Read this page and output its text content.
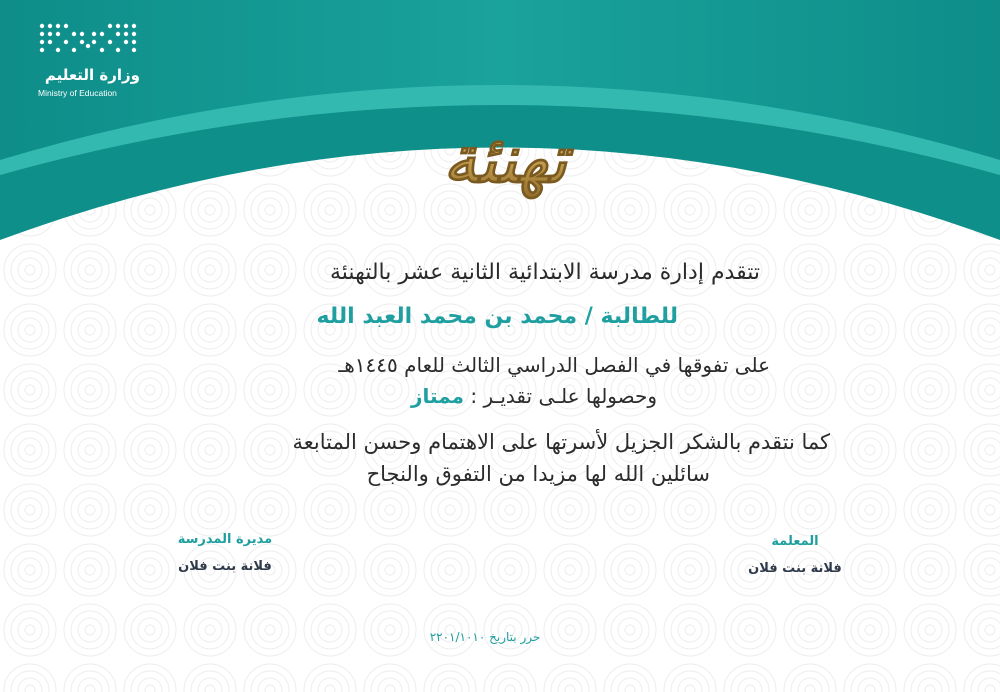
وزارة التعليم
Ministry of Education
تهنئة
تتقدم إدارة مدرسة الابتدائية الثانية عشر بالتهنئة
للطالبة / محمد بن محمد العبد الله
على تفوقها في الفصل الدراسي الثالث للعام ١٤٤٥هـ
وحصولها علـى تقديـر : ممتاز
كما نتقدم بالشكر الجزيل لأسرتها على الاهتمام وحسن المتابعة
سائلين الله لها مزيدا من التفوق والنجاح
مديرة المدرسة
فلانة بنت فلان
المعلمة
فلانة بنت فلان
حرر بتاريخ ٢٢٠١/١٠١٠
